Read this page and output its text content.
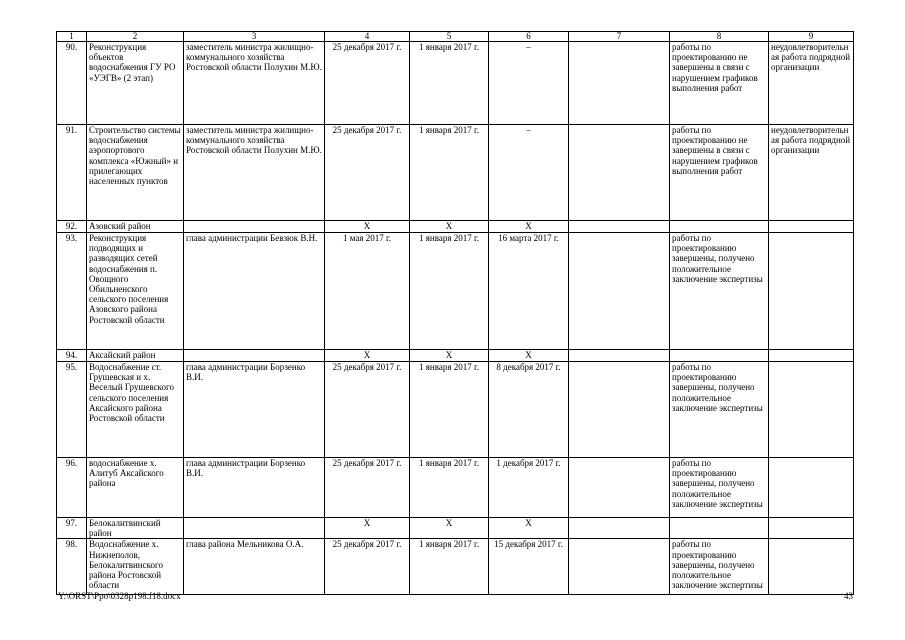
1	2	3	4	5	6	7	8	9
90.	Реконструкция объектов водоснабжения ГУ РО «УЭГВ» (2 этап)	заместитель министра жилищно-коммунального хозяйства Ростовской области Полухин М.Ю.	25 декабря 2017 г.	1 января 2017 г.	–		работы по проектированию не завершены в связи с нарушением графиков выполнения работ	неудовлетворительная работа подрядной организации
91.	Строительство системы водоснабжения аэропортового комплекса «Южный» и прилегающих населенных пунктов	заместитель министра жилищно-коммунального хозяйства Ростовской области Полухин М.Ю.	25 декабря 2017 г.	1 января 2017 г.	–		работы по проектированию не завершены в связи с нарушением графиков выполнения работ	неудовлетворительная работа подрядной организации
92.	Азовский район		Х	Х	Х			
93.	Реконструкция подводящих и разводящих сетей водоснабжения п. Овощного Обильненского сельского поселения Азовского района Ростовской области	глава администрации Бевзюк В.Н.	1 мая 2017 г.	1 января 2017 г.	16 марта 2017 г.		работы по проектированию завершены, получено положительное заключение экспертизы	
94.	Аксайский район		Х	Х	Х			
95.	Водоснабжение ст. Грушевская и х. Веселый Грушевского сельского поселения Аксайского района Ростовской области	глава администрации Борзенко В.И.	25 декабря 2017 г.	1 января 2017 г.	8 декабря 2017 г.		работы по проектированию завершены, получено положительное заключение экспертизы	
96.	водоснабжение х. Алитуб Аксайского района	глава администрации Борзенко В.И.	25 декабря 2017 г.	1 января 2017 г.	1 декабря 2017 г.		работы по проектированию завершены, получено положительное заключение экспертизы	
97.	Белокалитвинский район		Х	Х	Х			
98.	Водоснабжение х. Нижнеполов, Белокалитвинского района Ростовской области	глава района Мельникова О.А.	25 декабря 2017 г.	1 января 2017 г.	15 декабря 2017 г.		работы по проектированию завершены, получено положительное заключение экспертизы	
Y:\ORST\Ppo\0328p198.f18.docx	43
